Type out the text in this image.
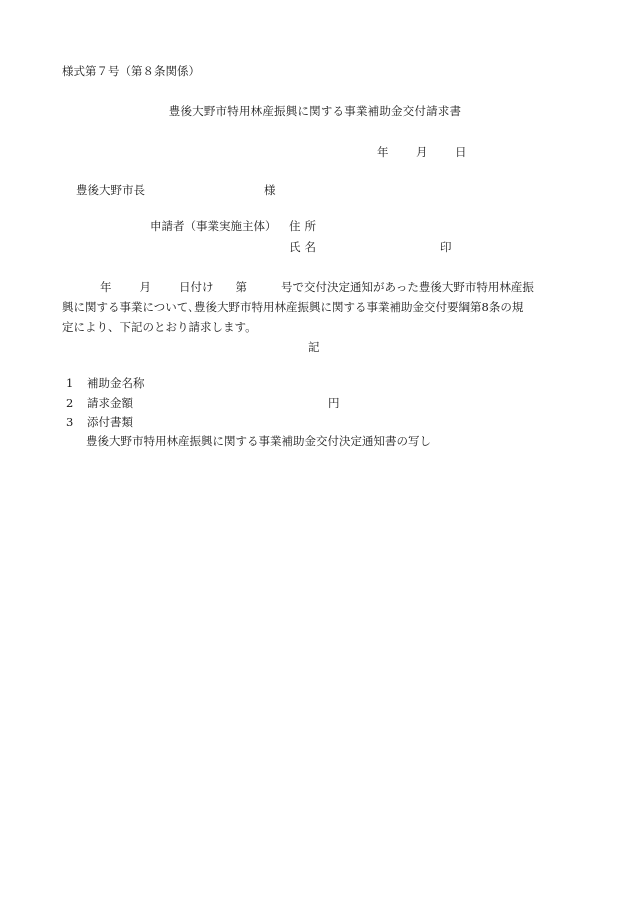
様式第７号（第８条関係）
豊後大野市特用林産振興に関する事業補助金交付請求書
年 月 日
豊後大野市長	様
申請者（事業実施主体） 住所
氏名	印
年 月 日付け 第	号で交付決定通知があった豊後大野市特用林産振
興に関する事業について､豊後大野市特用林産振興に関する事業補助金交付要綱第8条の規
定により、下記のとおり請求します。
記
1 補助金名称
2 請求金額	円
3 添付書類
豊後大野市特用林産振興に関する事業補助金交付決定通知書の写し
